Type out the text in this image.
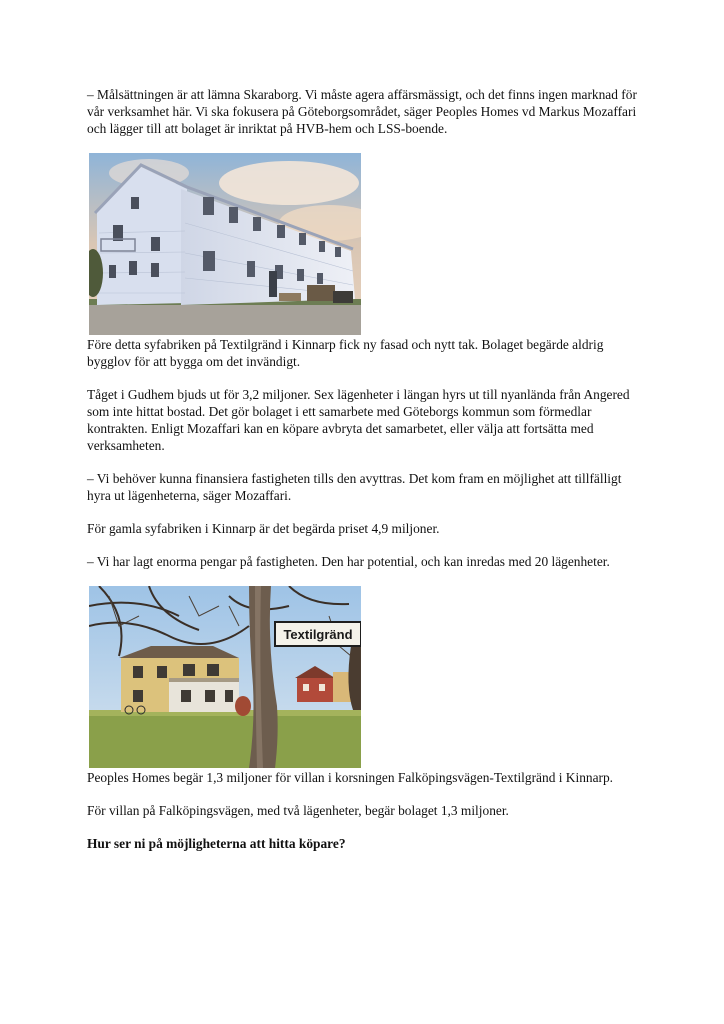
– Målsättningen är att lämna Skaraborg. Vi måste agera affärsmässigt, och det finns ingen marknad för vår verksamhet här. Vi ska fokusera på Göteborgsområdet, säger Peoples Homes vd Markus Mozaffari och lägger till att bolaget är inriktat på HVB-hem och LSS-boende.

Före detta syfabriken på Textilgränd i Kinnarp fick ny fasad och nytt tak. Bolaget begärde aldrig bygglov för att bygga om det invändigt.

Tåget i Gudhem bjuds ut för 3,2 miljoner. Sex lägenheter i längan hyrs ut till nyanlända från Angered som inte hittat bostad. Det gör bolaget i ett samarbete med Göteborgs kommun som förmedlar kontrakten. Enligt Mozaffari kan en köpare avbryta det samarbetet, eller välja att fortsätta med verksamheten.

– Vi behöver kunna finansiera fastigheten tills den avyttras. Det kom fram en möjlighet att tillfälligt hyra ut lägenheterna, säger Mozaffari.

För gamla syfabriken i Kinnarp är det begärda priset 4,9 miljoner.

– Vi har lagt enorma pengar på fastigheten. Den har potential, och kan inredas med 20 lägenheter.

Textilgränd

Peoples Homes begär 1,3 miljoner för villan i korsningen Falköpingsvägen-Textilgränd i Kinnarp.

För villan på Falköpingsvägen, med två lägenheter, begär bolaget 1,3 miljoner.

Hur ser ni på möjligheterna att hitta köpare?
